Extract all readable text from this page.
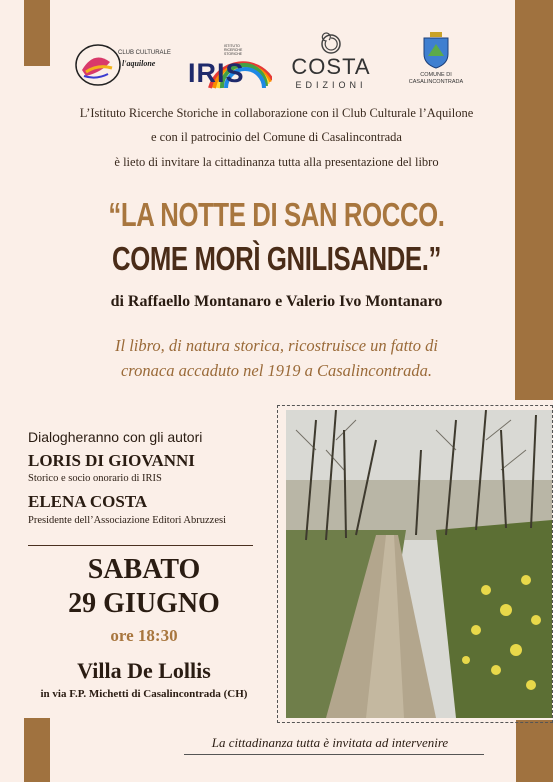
CLUB CULTURALE
l'aquilone
ISTITUTO RICERCHE STORICHE
IRIS COSTA
EDIZIONI
COMUNE DI
CASALINCONTRADA
L’Istituto Ricerche Storiche in collaborazione con il Club Culturale l’Aquilone
e con il patrocinio del Comune di Casalincontrada
è lieto di invitare la cittadinanza tutta alla presentazione del libro
“LA NOTTE DI SAN ROCCO.
COME MORÌ GNILISANDE.”
di Raffaello Montanaro e Valerio Ivo Montanaro
Il libro, di natura storica, ricostruisce un fatto di
cronaca accaduto nel 1919 a Casalincontrada.
Dialogheranno con gli autori
LORIS DI GIOVANNI
Storico e socio onorario di IRIS
ELENA COSTA
Presidente dell’Associazione Editori Abruzzesi
SABATO
29 GIUGNO
ore 18:30
Villa De Lollis
in via F.P. Michetti di Casalincontrada (CH)
La cittadinanza tutta è invitata ad intervenire
